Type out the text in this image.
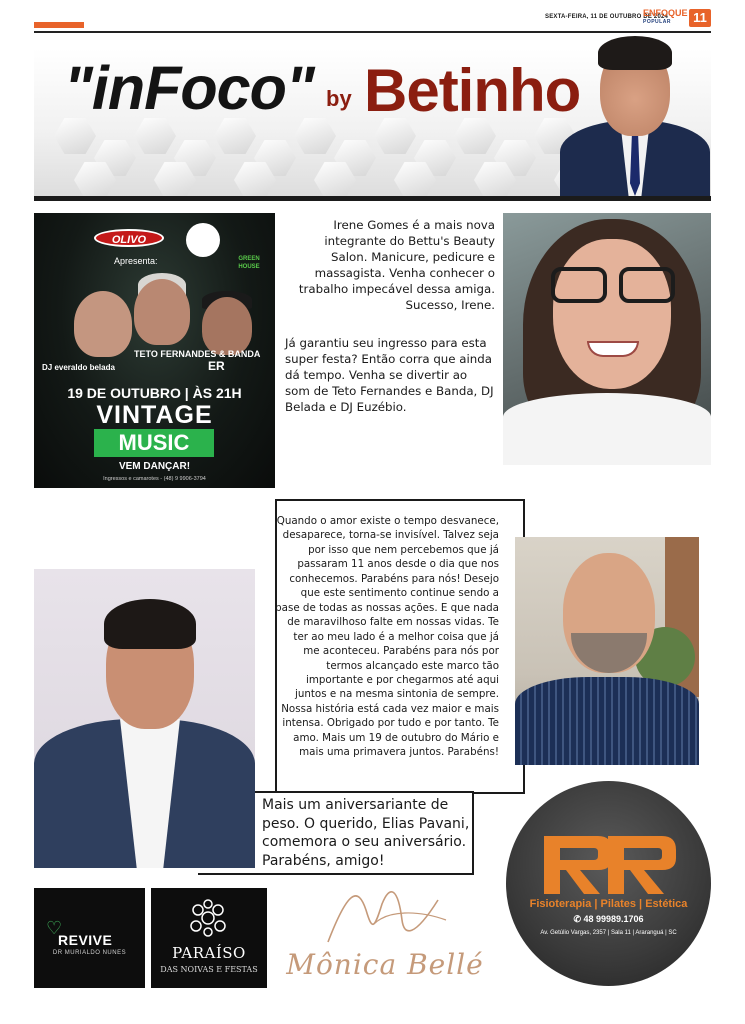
SEXTA-FEIRA, 11 DE OUTUBRO DE 2024
ENFOQUE
POPULAR	11
"inFoco" by Betinho
OLIVO
Apresenta:	GREEN HOUSE
DJ everaldo belada
TETO FERNANDES & BANDA
ER
19 DE OUTUBRO | ÀS 21H
VINTAGE
MUSIC
VEM DANÇAR!
Ingressos e camarotes - (48) 9 9906-3794
Irene Gomes é a mais nova integrante do Bettu's Beauty Salon. Manicure, pedicure e massagista. Venha conhecer o trabalho impecável dessa amiga. Sucesso, Irene.
Já garantiu seu ingresso para esta super festa? Então corra que ainda dá tempo. Venha se divertir ao som de Teto Fernandes e Banda, DJ Belada e DJ Euzébio.
Quando o amor existe o tempo desvanece, desaparece, torna-se invisível. Talvez seja por isso que nem percebemos que já passaram 11 anos desde o dia que nos conhecemos. Parabéns para nós! Desejo que este sentimento continue sendo a base de todas as nossas ações. E que nada de maravilhoso falte em nossas vidas. Te ter ao meu lado é a melhor coisa que já me aconteceu. Parabéns para nós por termos alcançado este marco tão importante e por chegarmos até aqui juntos e na mesma sintonia de sempre. Nossa história está cada vez maior e mais intensa. Obrigado por tudo e por tanto. Te amo. Mais um 19 de outubro do Mário e mais uma primavera juntos. Parabéns!
Mais um aniversariante de peso. O querido, Elias Pavani, comemora o seu aniversário. Parabéns, amigo!
Fisioterapia | Pilates | Estética
✆ 48 99989.1706
Av. Getúlio Vargas, 2357 | Sala 11 | Araranguá | SC
♡
REVIVE
DR MURIALDO NUNES	PARAÍSO
DAS NOIVAS E FESTAS	Mônica Bellé
